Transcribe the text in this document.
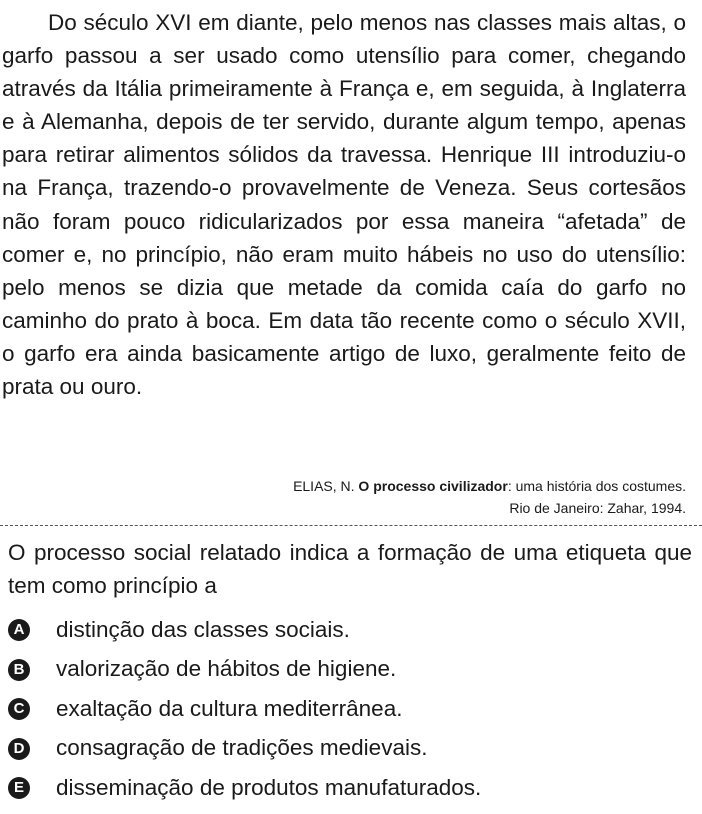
Do século XVI em diante, pelo menos nas classes mais altas, o garfo passou a ser usado como utensílio para comer, chegando através da Itália primeiramente à França e, em seguida, à Inglaterra e à Alemanha, depois de ter servido, durante algum tempo, apenas para retirar alimentos sólidos da travessa. Henrique III introduziu-o na França, trazendo-o provavelmente de Veneza. Seus cortesãos não foram pouco ridicularizados por essa maneira “afetada” de comer e, no princípio, não eram muito hábeis no uso do utensílio: pelo menos se dizia que metade da comida caía do garfo no caminho do prato à boca. Em data tão recente como o século XVII, o garfo era ainda basicamente artigo de luxo, geralmente feito de prata ou ouro.

ELIAS, N. O processo civilizador: uma história dos costumes.
Rio de Janeiro: Zahar, 1994.

O processo social relatado indica a formação de uma etiqueta que tem como princípio a

A distinção das classes sociais.
B valorização de hábitos de higiene.
C exaltação da cultura mediterrânea.
D consagração de tradições medievais.
E disseminação de produtos manufaturados.
